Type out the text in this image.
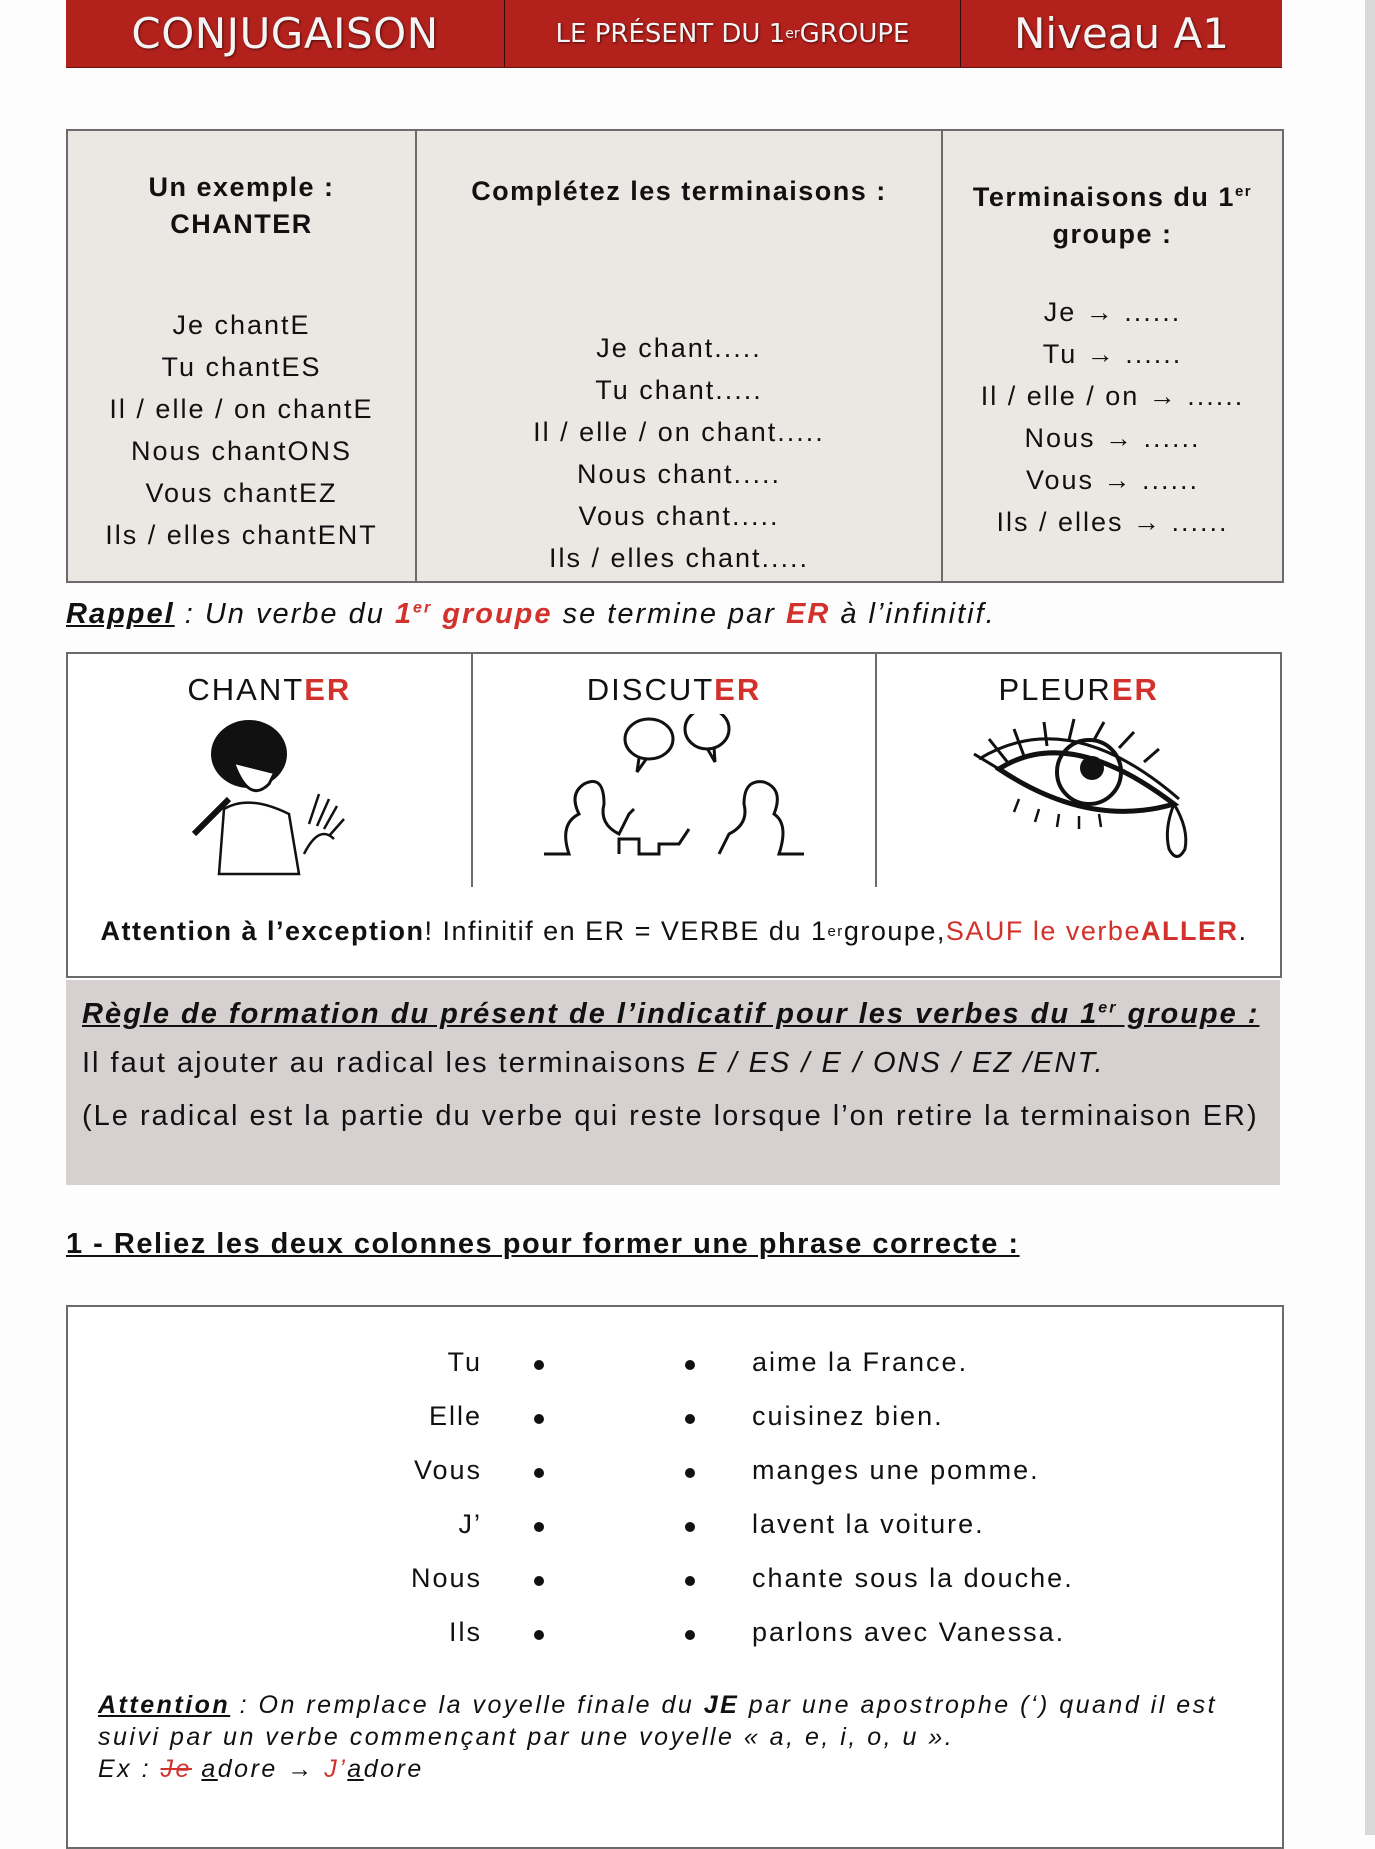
CONJUGAISON	LE PRÉSENT DU 1 er GROUPE Niveau A1
Un exemple :
CHANTER
Je chantE
Tu chantES
Il / elle / on chantE
Nous chantONS
Vous chantEZ
Ils / elles chantENT
Complétez les terminaisons :
Je chant.....
Tu chant.....
Il / elle / on chant.....
Nous chant.....
Vous chant.....
Ils / elles chant.....
Terminaisons du 1er
groupe :
Je → ......
Tu → ......
Il / elle / on → ......
Nous → ......
Vous → ......
Ils / elles → ......
Rappel : Un verbe du 1er groupe se termine par ER à l’infinitif.
CHANTER	DISCUTER	PLEURER
Attention à l’exception ! Infinitif en ER = VERBE du 1 er groupe, SAUF le verbe ALLER .

Règle de formation du présent de l’indicatif pour les verbes du 1er groupe :

Il faut ajouter au radical les terminaisons E / ES / E / ONS / EZ /ENT.

(Le radical est la partie du verbe qui reste lorsque l’on retire la terminaison ER)

1 - Reliez les deux colonnes pour former une phrase correcte :
Tu	aime la France.
Elle	cuisinez bien.
Vous	manges une pomme.
J’	lavent la voiture.
Nous	chante sous la douche.
Ils	parlons avec Vanessa.
Attention : On remplace la voyelle finale du JE par une apostrophe (‘) quand il est suivi par un verbe commençant par une voyelle « a, e, i, o, u ».
Ex : Je adore → J’adore
